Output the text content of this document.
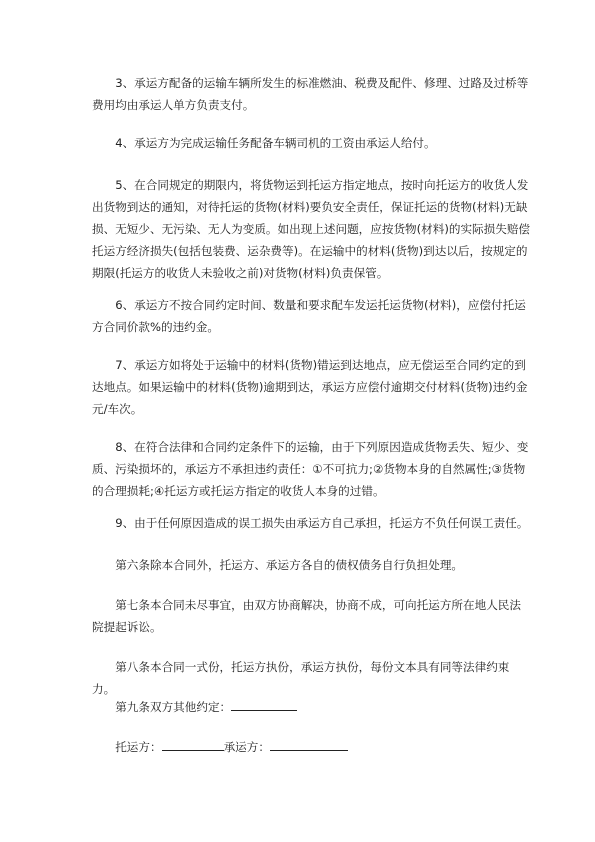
3、承运方配备的运输车辆所发生的标准燃油、税费及配件、修理、过路及过桥等费用均由承运人单方负责支付。

4、承运方为完成运输任务配备车辆司机的工资由承运人给付。

5、在合同规定的期限内，将货物运到托运方指定地点，按时向托运方的收货人发出货物到达的通知，对待托运的货物(材料)要负安全责任，保证托运的货物(材料)无缺损、无短少、无污染、无人为变质。如出现上述问题，应按货物(材料)的实际损失赔偿托运方经济损失(包括包装费、运杂费等)。在运输中的材料(货物)到达以后，按规定的期限(托运方的收货人未验收之前)对货物(材料)负责保管。

6、承运方不按合同约定时间、数量和要求配车发运托运货物(材料)，应偿付托运方合同价款%的违约金。

7、承运方如将处于运输中的材料(货物)错运到达地点，应无偿运至合同约定的到达地点。如果运输中的材料(货物)逾期到达，承运方应偿付逾期交付材料(货物)违约金元/车次。

8、在符合法律和合同约定条件下的运输，由于下列原因造成货物丢失、短少、变质、污染损坏的，承运方不承担违约责任：①不可抗力;②货物本身的自然属性;③货物的合理损耗;④托运方或托运方指定的收货人本身的过错。

9、由于任何原因造成的误工损失由承运方自己承担，托运方不负任何误工责任。

第六条除本合同外，托运方、承运方各自的债权债务自行负担处理。

第七条本合同未尽事宜，由双方协商解决，协商不成，可向托运方所在地人民法院提起诉讼。

第八条本合同一式份，托运方执份，承运方执份，每份文本具有同等法律约束力。

第九条双方其他约定：

托运方：	承运方：
